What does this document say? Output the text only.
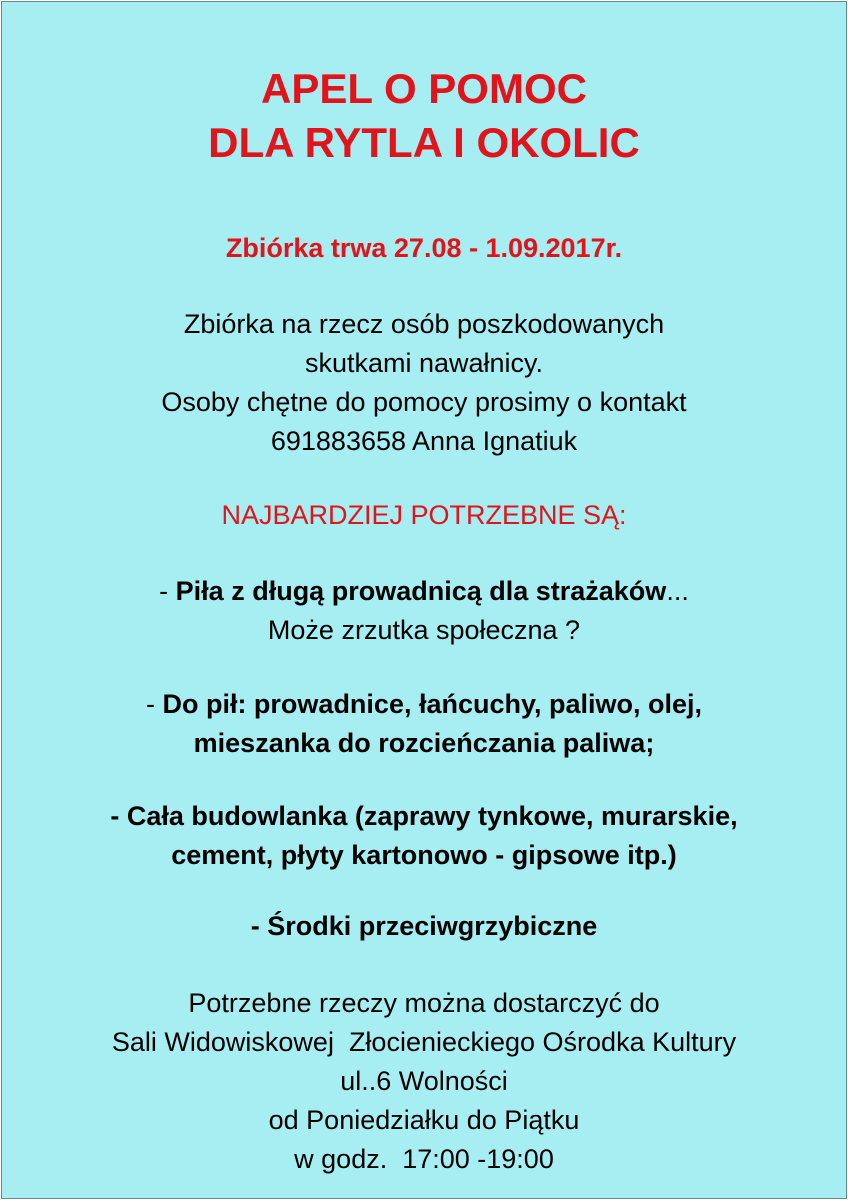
APEL O POMOC
DLA RYTLA I OKOLIC
Zbiórka trwa 27.08 - 1.09.2017r.
Zbiórka na rzecz osób poszkodowanych
skutkami nawałnicy.
Osoby chętne do pomocy prosimy o kontakt
691883658 Anna Ignatiuk
NAJBARDZIEJ POTRZEBNE SĄ:
- Piła z długą prowadnicą dla strażaków...
Może zrzutka społeczna ?
- Do pił: prowadnice, łańcuchy, paliwo, olej,
mieszanka do rozcieńczania paliwa;
- Cała budowlanka (zaprawy tynkowe, murarskie,
cement, płyty kartonowo - gipsowe itp.)
- Środki przeciwgrzybiczne
Potrzebne rzeczy można dostarczyć do
Sali Widowiskowej  Złocienieckiego Ośrodka Kultury
ul..6 Wolności
od Poniedziałku do Piątku
w godz.  17:00 -19:00
